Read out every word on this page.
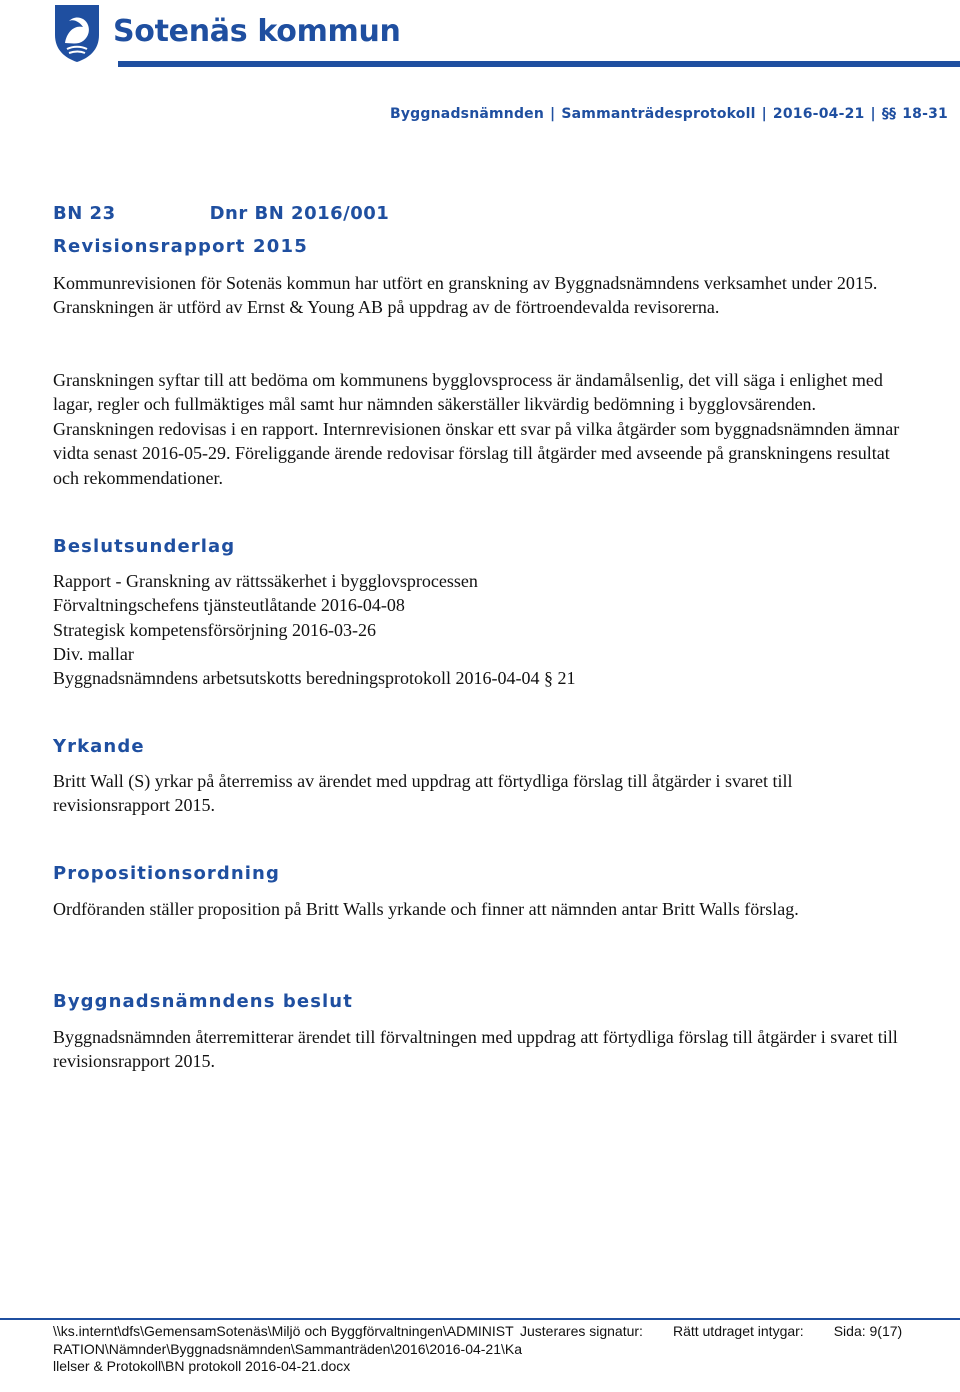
Sotenäs kommun
Byggnadsnämnden | Sammanträdesprotokoll | 2016-04-21 | §§ 18-31
BN 23	Dnr BN 2016/001
Revisionsrapport 2015

Kommunrevisionen för Sotenäs kommun har utfört en granskning av Byggnadsnämndens verksamhet under 2015. Granskningen är utförd av Ernst & Young AB på uppdrag av de förtroendevalda revisorerna.

Granskningen syftar till att bedöma om kommunens bygglovsprocess är ändamålsenlig, det vill säga i enlighet med lagar, regler och fullmäktiges mål samt hur nämnden säkerställer likvärdig bedömning i bygglovsärenden. Granskningen redovisas i en rapport. Internrevisionen önskar ett svar på vilka åtgärder som byggnadsnämnden ämnar vidta senast 2016-05-29. Föreliggande ärende redovisar förslag till åtgärder med avseende på granskningens resultat och rekommendationer.

Beslutsunderlag
Rapport - Granskning av rättssäkerhet i bygglovsprocessen
Förvaltningschefens tjänsteutlåtande 2016-04-08
Strategisk kompetensförsörjning 2016-03-26
Div. mallar
Byggnadsnämndens arbetsutskotts beredningsprotokoll 2016-04-04 § 21
Yrkande

Britt Wall (S) yrkar på återremiss av ärendet med uppdrag att förtydliga förslag till åtgärder i svaret till revisionsrapport 2015.

Propositionsordning

Ordföranden ställer proposition på Britt Walls yrkande och finner att nämnden antar Britt Walls förslag.

Byggnadsnämndens beslut

Byggnadsnämnden återremitterar ärendet till förvaltningen med uppdrag att förtydliga förslag till åtgärder i svaret till revisionsrapport 2015.

\\ks.internt\dfs\GemensamSotenäs\Miljö och Byggförvaltningen\ADMINISTRATION\Nämnder\Byggnadsnämnden\Sammanträden\2016\2016-04-21\Kallelser & Protokoll\BN protokoll 2016-04-21.docx
Justerares signatur: Rätt utdraget intygar: Sida: 9(17)
